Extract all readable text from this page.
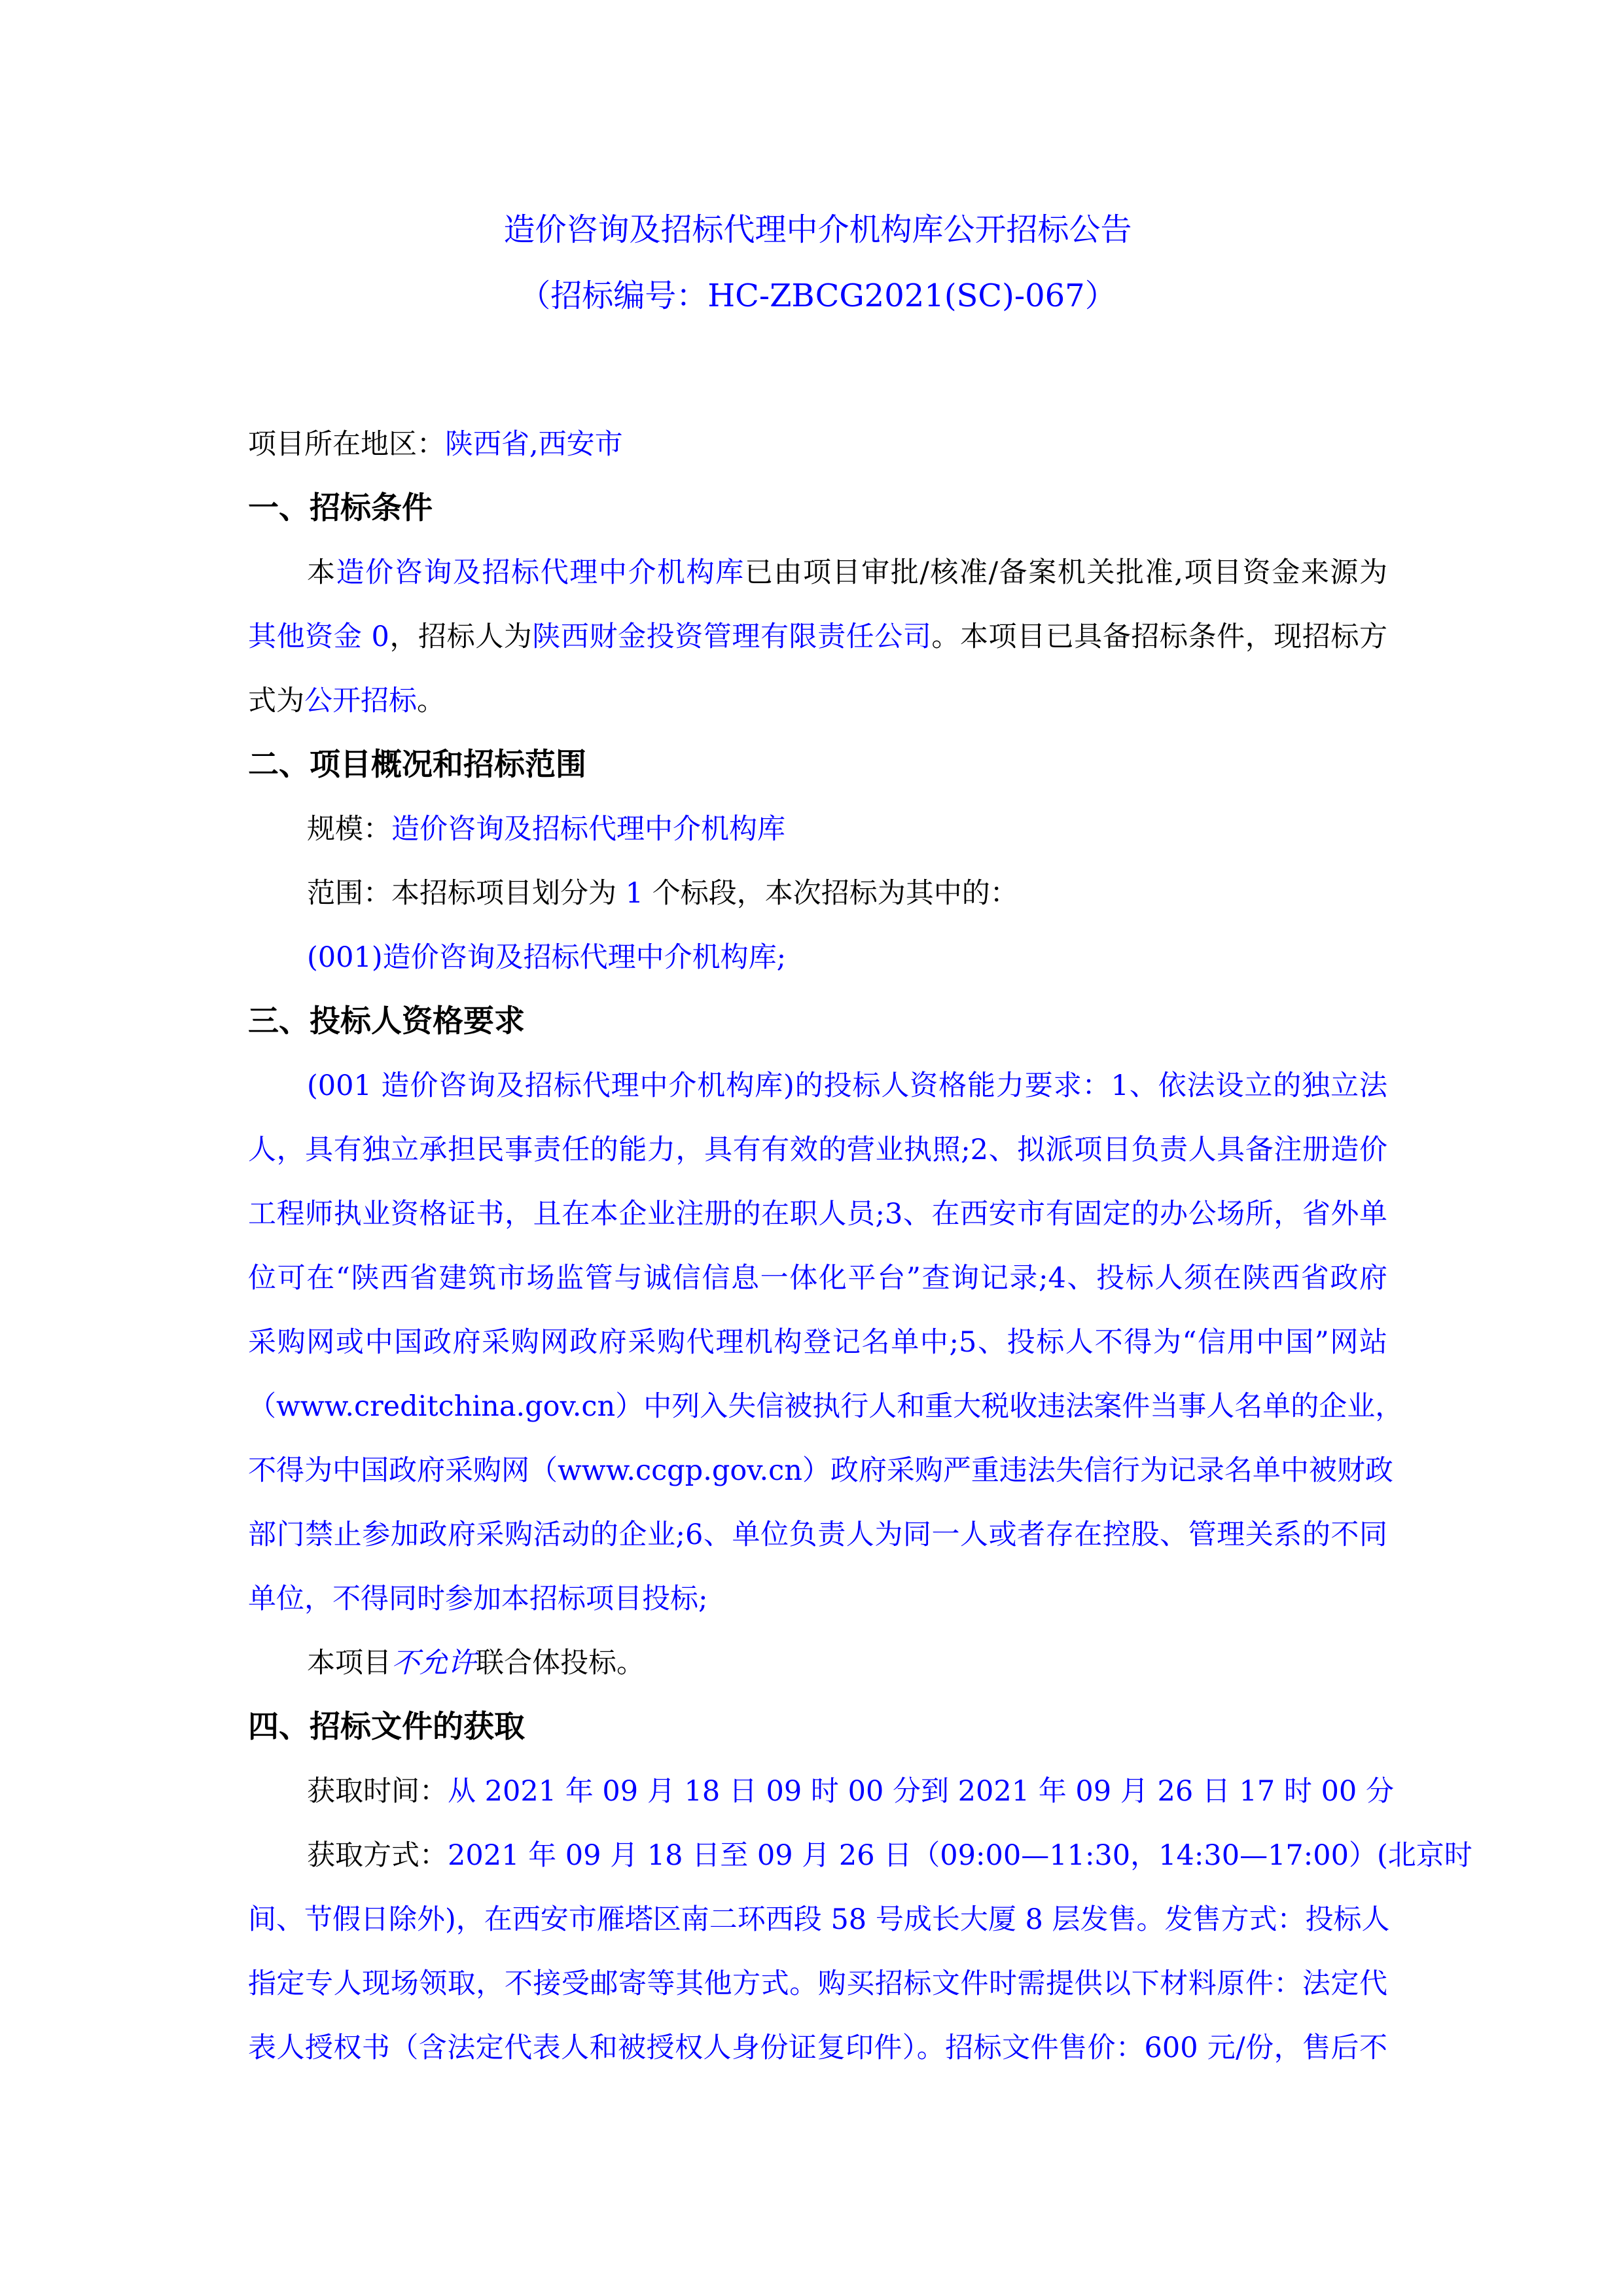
造价咨询及招标代理中介机构库公开招标公告
（招标编号：HC-ZBCG2021(SC)-067）
项目所在地区：陕西省,西安市
一、招标条件
本造价咨询及招标代理中介机构库已由项目审批/核准/备案机关批准,项目资金来源为
其他资金 0，招标人为陕西财金投资管理有限责任公司。本项目已具备招标条件，现招标方
式为公开招标。
二、项目概况和招标范围
规模：造价咨询及招标代理中介机构库
范围：本招标项目划分为 1 个标段，本次招标为其中的：
(001)造价咨询及招标代理中介机构库;
三、投标人资格要求
(001 造价咨询及招标代理中介机构库)的投标人资格能力要求：1、依法设立的独立法
人，具有独立承担民事责任的能力，具有有效的营业执照;2、拟派项目负责人具备注册造价
工程师执业资格证书，且在本企业注册的在职人员;3、在西安市有固定的办公场所，省外单
位可在“陕西省建筑市场监管与诚信信息一体化平台”查询记录;4、投标人须在陕西省政府
采购网或中国政府采购网政府采购代理机构登记名单中;5、投标人不得为“信用中国”网站
（www.creditchina.gov.cn）中列入失信被执行人和重大税收违法案件当事人名单的企业，
不得为中国政府采购网（www.ccgp.gov.cn）政府采购严重违法失信行为记录名单中被财政
部门禁止参加政府采购活动的企业;6、单位负责人为同一人或者存在控股、管理关系的不同
单位，不得同时参加本招标项目投标;
本项目不允许联合体投标。
四、招标文件的获取
获取时间：从 2021 年 09 月 18 日 09 时 00 分到 2021 年 09 月 26 日 17 时 00 分
获取方式：2021 年 09 月 18 日至 09 月 26 日（09:00—11:30，14:30—17:00）(北京时
间、节假日除外)，在西安市雁塔区南二环西段 58 号成长大厦 8 层发售。发售方式：投标人
指定专人现场领取，不接受邮寄等其他方式。购买招标文件时需提供以下材料原件：法定代
表人授权书（含法定代表人和被授权人身份证复印件）。招标文件售价：600 元/份，售后不
